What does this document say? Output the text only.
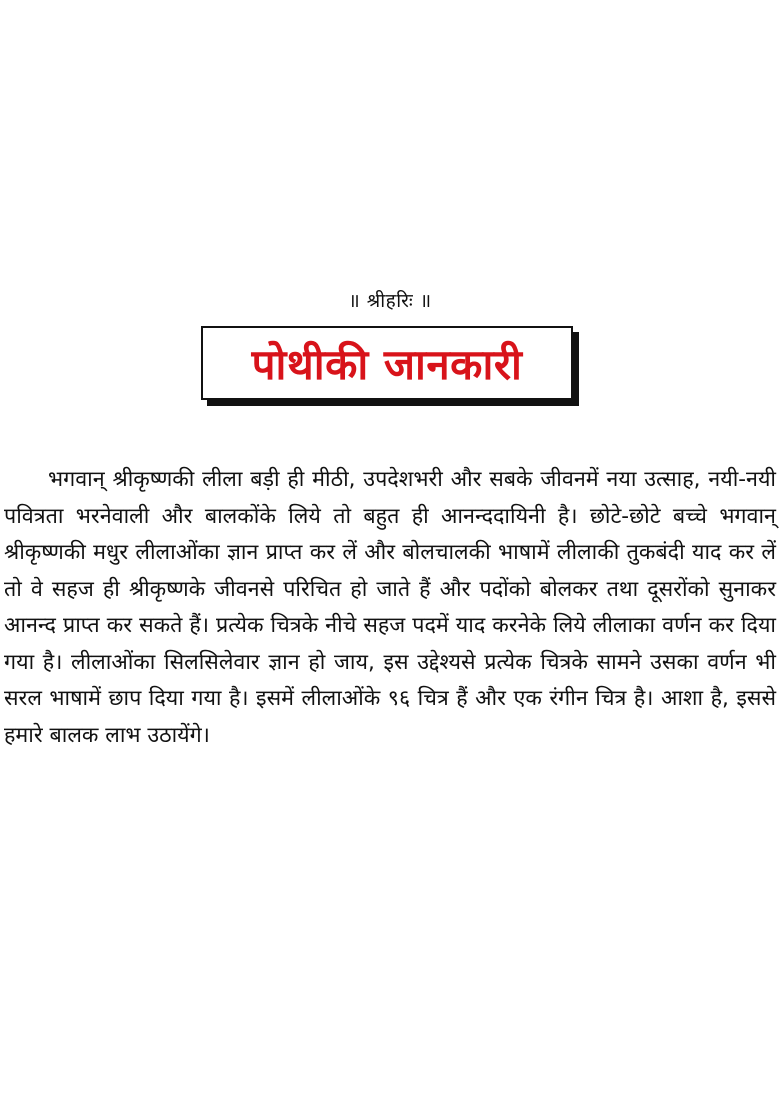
॥ श्रीहरिः ॥
पोथीकी जानकारी

भगवान् श्रीकृष्णकी लीला बड़ी ही मीठी, उपदेशभरी और सबके जीवनमें नया उत्साह, नयी-नयी पवित्रता भरनेवाली और बालकोंके लिये तो बहुत ही आनन्ददायिनी है। छोटे-छोटे बच्चे भगवान् श्रीकृष्णकी मधुर लीलाओंका ज्ञान प्राप्त कर लें और बोलचालकी भाषामें लीलाकी तुकबंदी याद कर लें तो वे सहज ही श्रीकृष्णके जीवनसे परिचित हो जाते हैं और पदोंको बोलकर तथा दूसरोंको सुनाकर आनन्द प्राप्त कर सकते हैं। प्रत्येक चित्रके नीचे सहज पदमें याद करनेके लिये लीलाका वर्णन कर दिया गया है। लीलाओंका सिलसिलेवार ज्ञान हो जाय, इस उद्देश्यसे प्रत्येक चित्रके सामने उसका वर्णन भी सरल भाषामें छाप दिया गया है। इसमें लीलाओंके ९६ चित्र हैं और एक रंगीन चित्र है। आशा है, इससे हमारे बालक लाभ उठायेंगे।
